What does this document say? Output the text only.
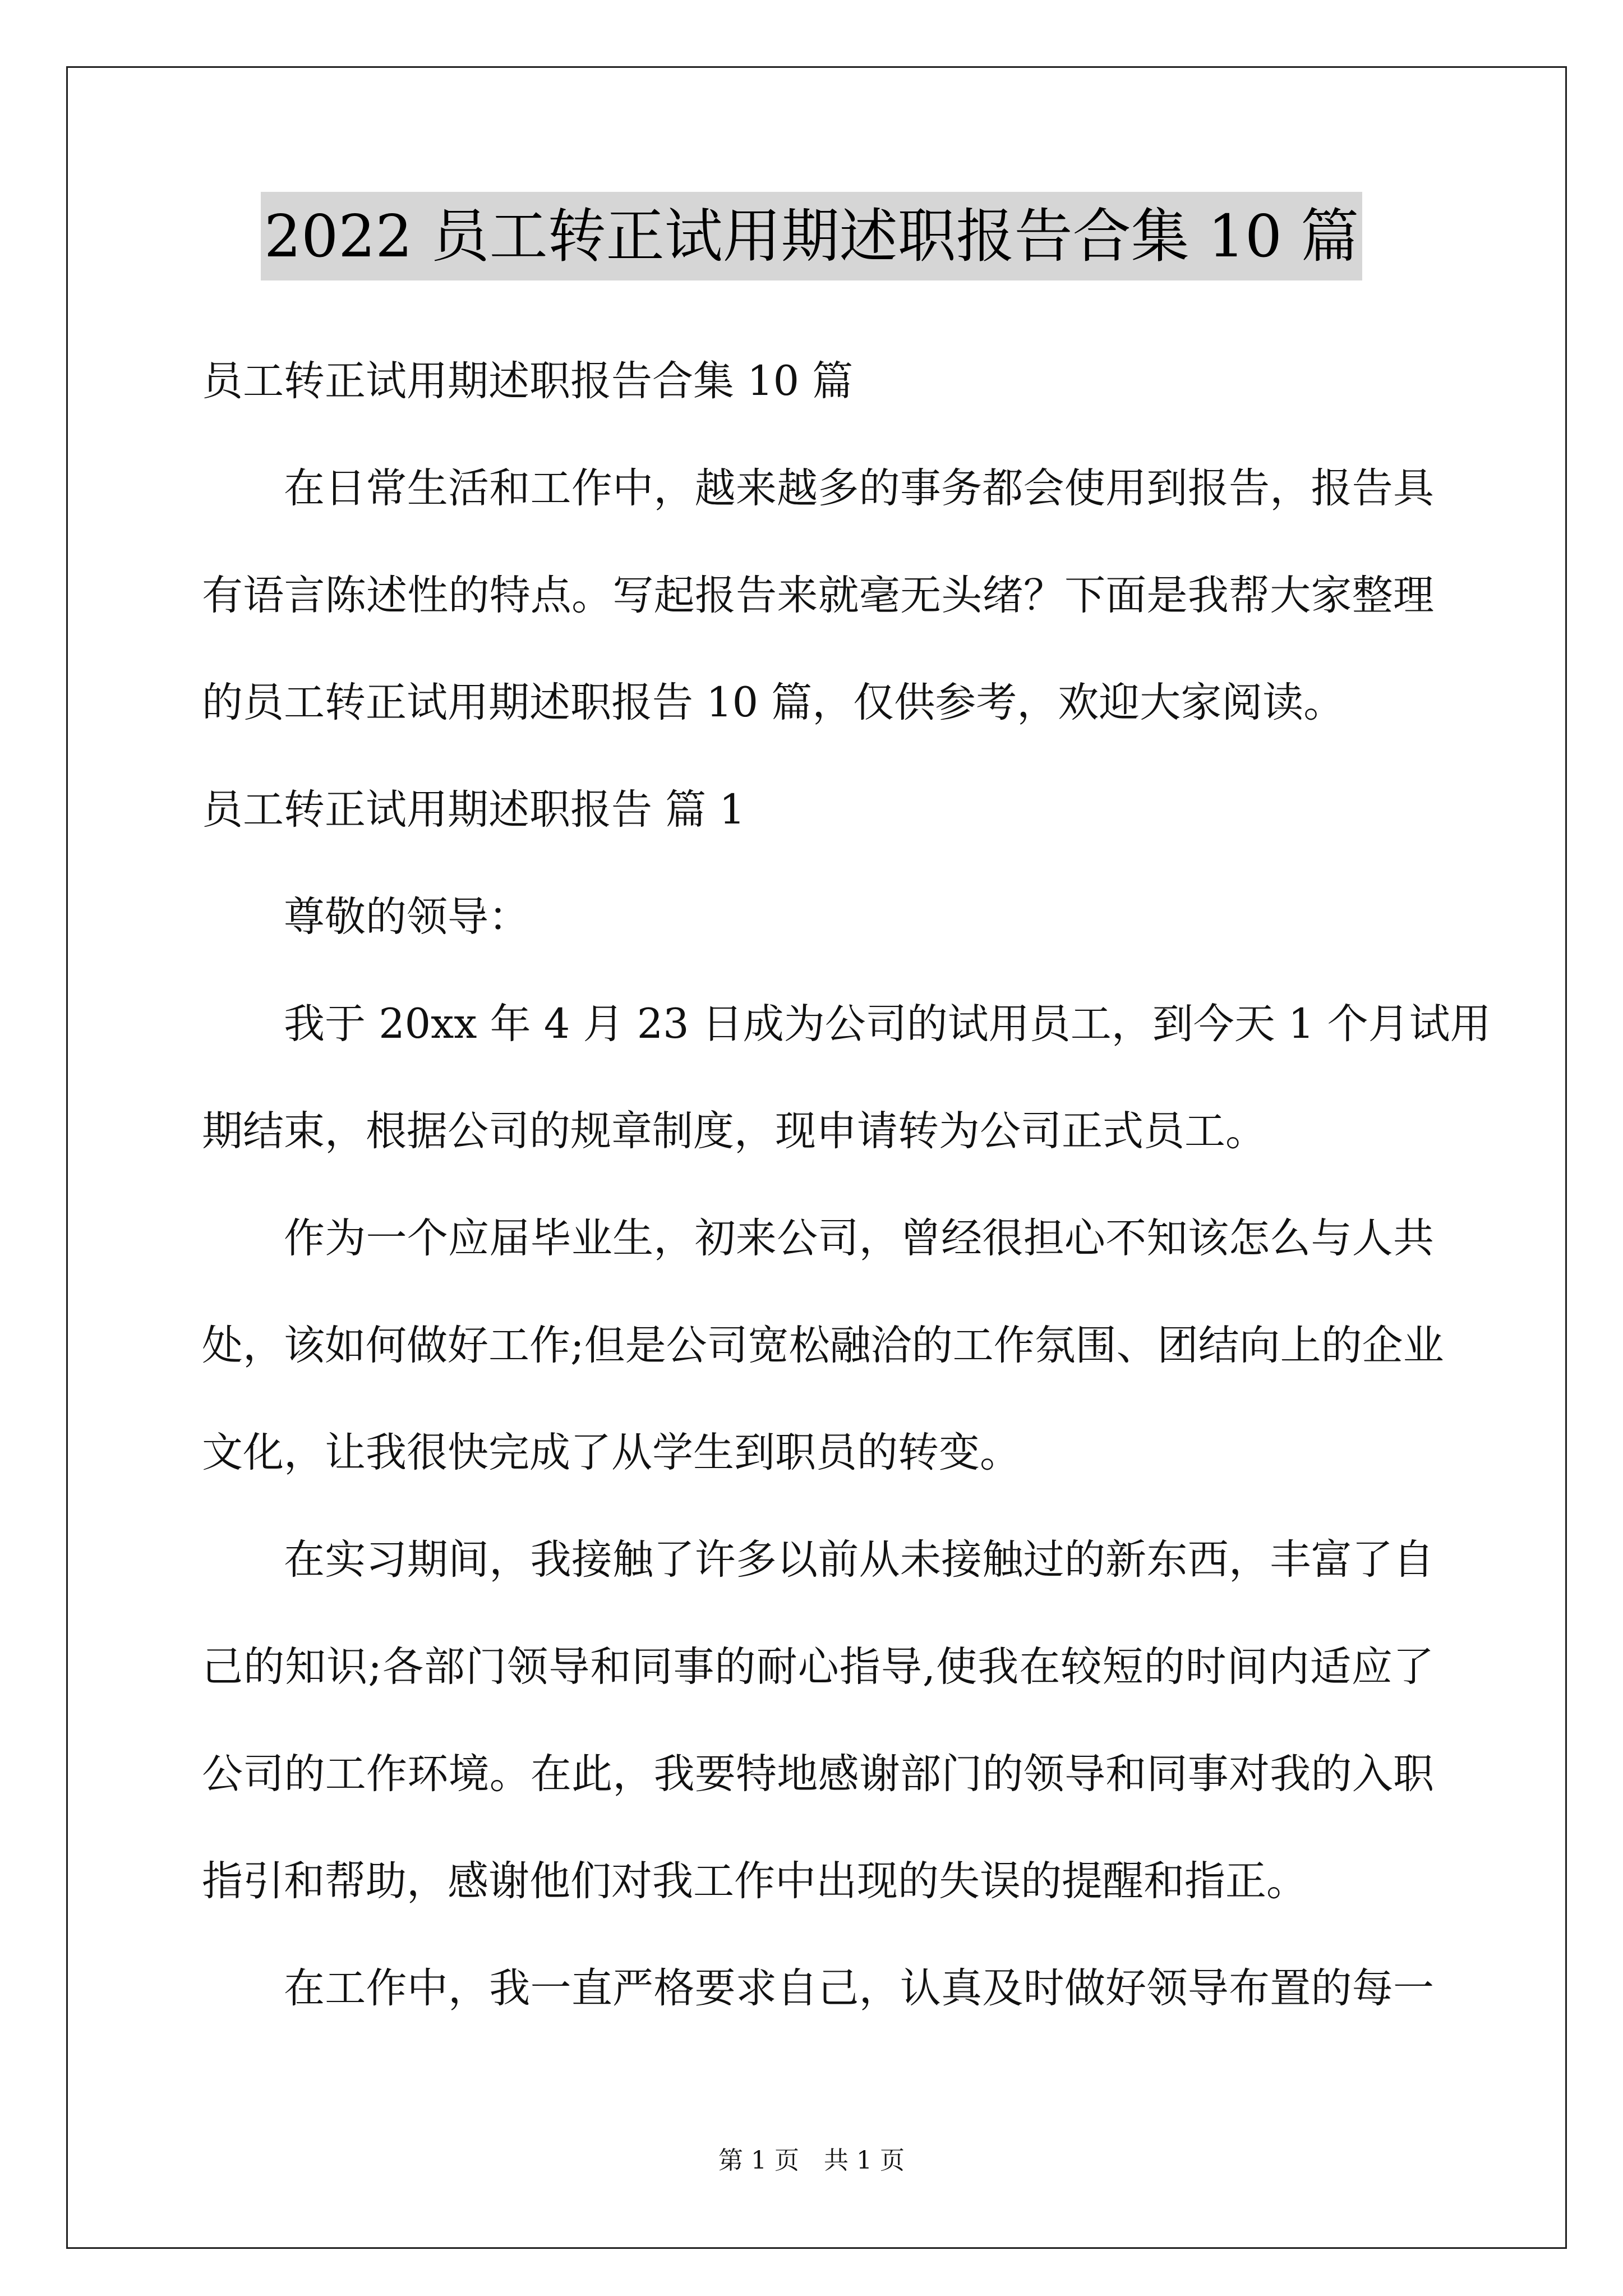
2022 员工转正试用期述职报告合集 10 篇
员工转正试用期述职报告合集 10 篇
在日常生活和工作中，越来越多的事务都会使用到报告，报告具
有语言陈述性的特点。写起报告来就毫无头绪？下面是我帮大家整理
的员工转正试用期述职报告 10 篇，仅供参考，欢迎大家阅读。
员工转正试用期述职报告 篇 1
尊敬的领导：
我于 20xx 年 4 月 23 日成为公司的试用员工，到今天 1 个月试用
期结束，根据公司的规章制度，现申请转为公司正式员工。
作为一个应届毕业生，初来公司，曾经很担心不知该怎么与人共
处，该如何做好工作;但是公司宽松融洽的工作氛围、团结向上的企业
文化，让我很快完成了从学生到职员的转变。
在实习期间，我接触了许多以前从未接触过的新东西，丰富了自
己的知识;各部门领导和同事的耐心指导,使我在较短的时间内适应了
公司的工作环境。在此，我要特地感谢部门的领导和同事对我的入职
指引和帮助，感谢他们对我工作中出现的失误的提醒和指正。
在工作中，我一直严格要求自己，认真及时做好领导布置的每一
第 1 页　共 1 页
